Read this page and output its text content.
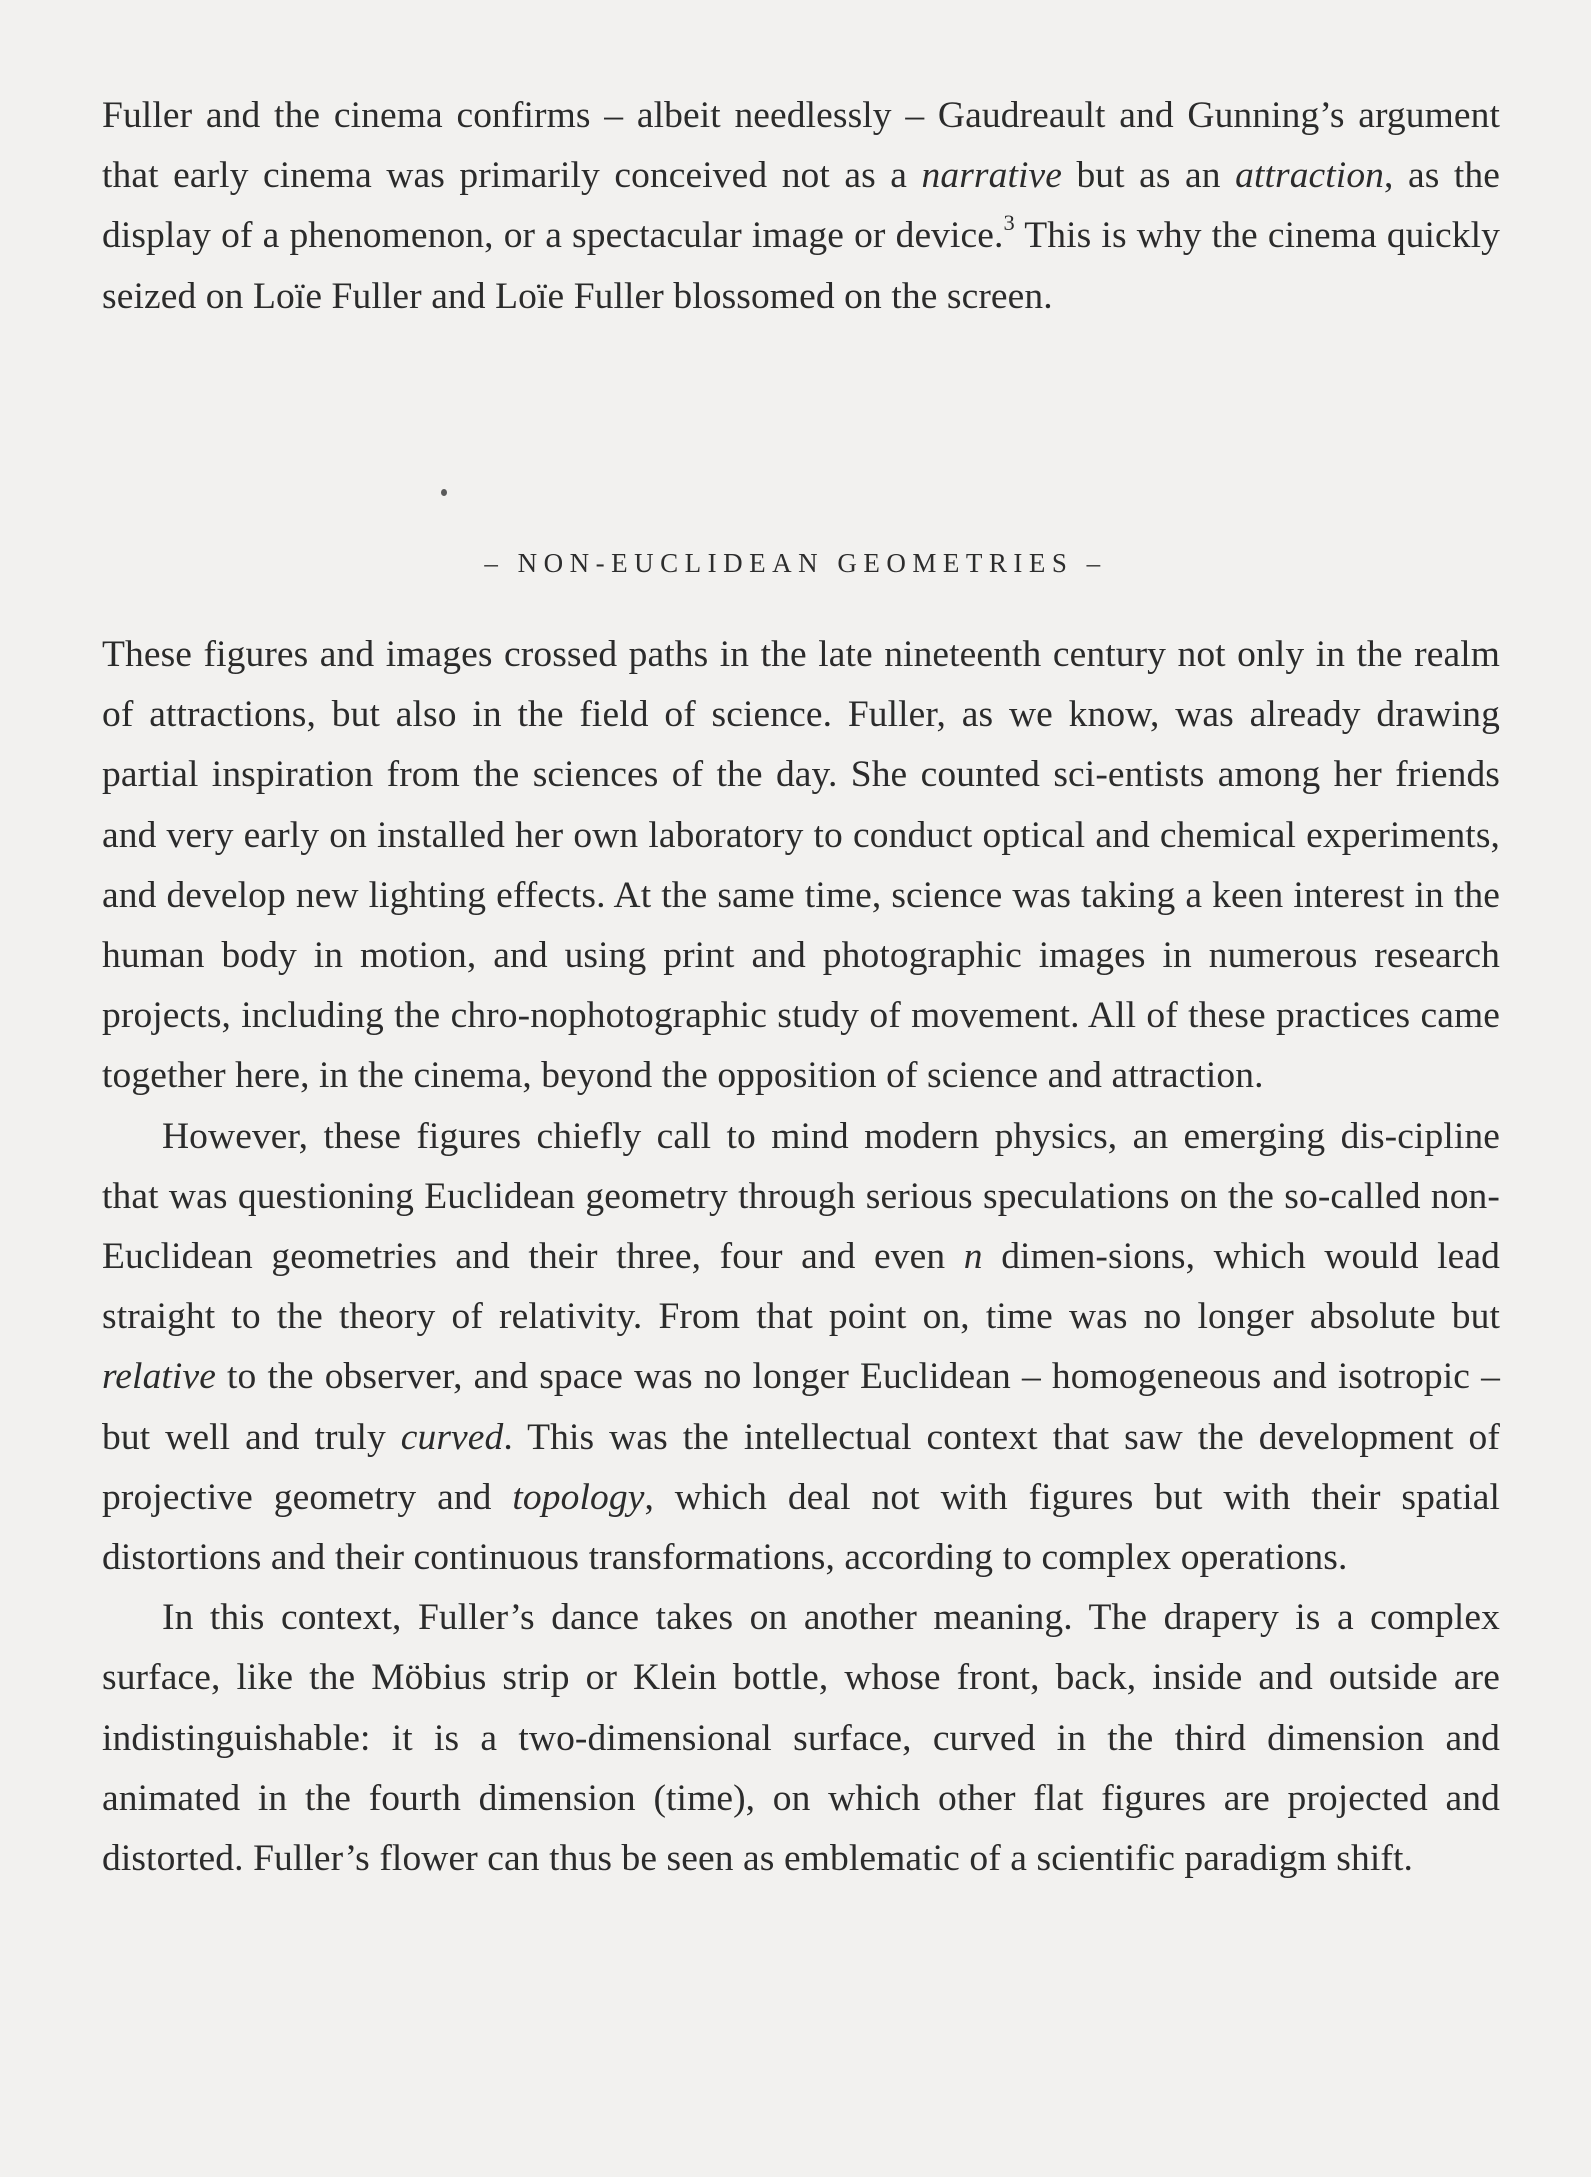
Fuller and the cinema confirms – albeit needlessly – Gaudreault and Gunning’s argument that early cinema was primarily conceived not as a narrative but as an attraction, as the display of a phenomenon, or a spectacular image or device.$^3$ This is why the cinema quickly seized on Loïe Fuller and Loïe Fuller blossomed on the screen.

– NON-EUCLIDEAN GEOMETRIES –

These figures and images crossed paths in the late nineteenth century not only in the realm of attractions, but also in the field of science. Fuller, as we know, was already drawing partial inspiration from the sciences of the day. She counted sci-entists among her friends and very early on installed her own laboratory to conduct optical and chemical experiments, and develop new lighting effects. At the same time, science was taking a keen interest in the human body in motion, and using print and photographic images in numerous research projects, including the chro-nophotographic study of movement. All of these practices came together here, in the cinema, beyond the opposition of science and attraction.

However, these figures chiefly call to mind modern physics, an emerging dis-cipline that was questioning Euclidean geometry through serious speculations on the so-called non-Euclidean geometries and their three, four and even n dimen-sions, which would lead straight to the theory of relativity. From that point on, time was no longer absolute but relative to the observer, and space was no longer Euclidean – homogeneous and isotropic – but well and truly curved. This was the intellectual context that saw the development of projective geometry and topology, which deal not with figures but with their spatial distortions and their continuous transformations, according to complex operations.

In this context, Fuller’s dance takes on another meaning. The drapery is a complex surface, like the Möbius strip or Klein bottle, whose front, back, inside and outside are indistinguishable: it is a two-dimensional surface, curved in the third dimension and animated in the fourth dimension (time), on which other flat figures are projected and distorted. Fuller’s flower can thus be seen as emblematic of a scientific paradigm shift.
